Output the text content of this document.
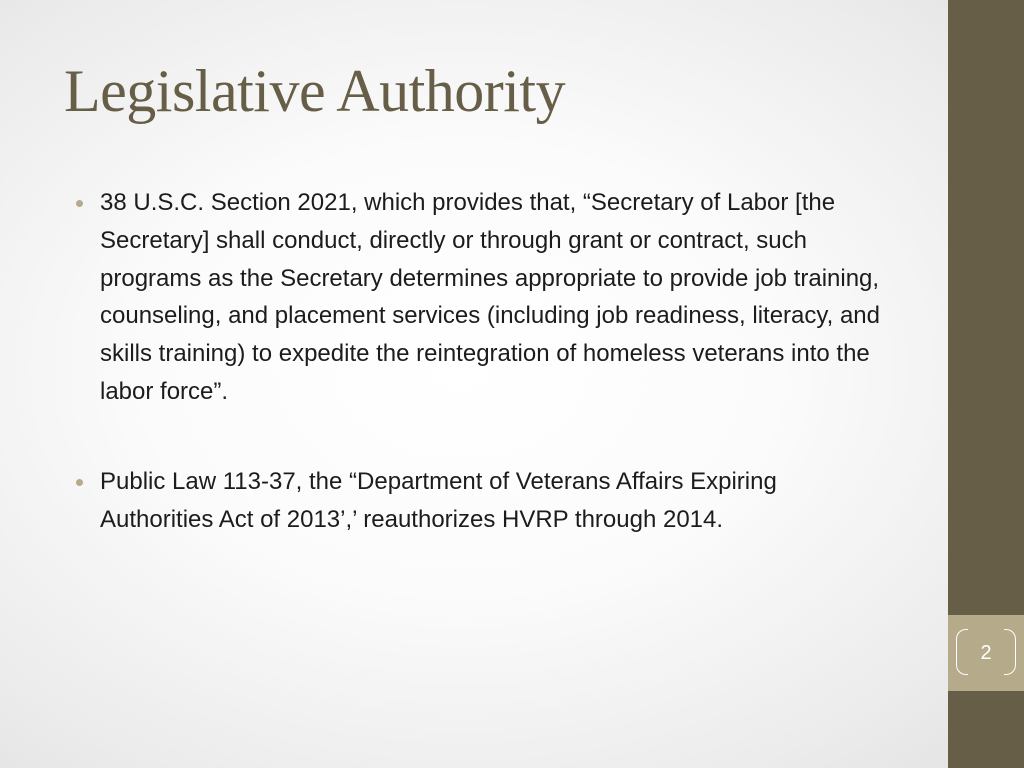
Legislative Authority
38 U.S.C. Section 2021, which provides that, “Secretary of Labor [the Secretary] shall conduct, directly or through grant or contract, such programs as the Secretary determines appropriate to provide job training, counseling, and placement services (including job readiness, literacy, and skills training) to expedite the reintegration of homeless veterans into the labor force”.
Public Law 113-37, the “Department of Veterans Affairs Expiring Authorities Act of 2013’,’ reauthorizes HVRP through 2014.
2
